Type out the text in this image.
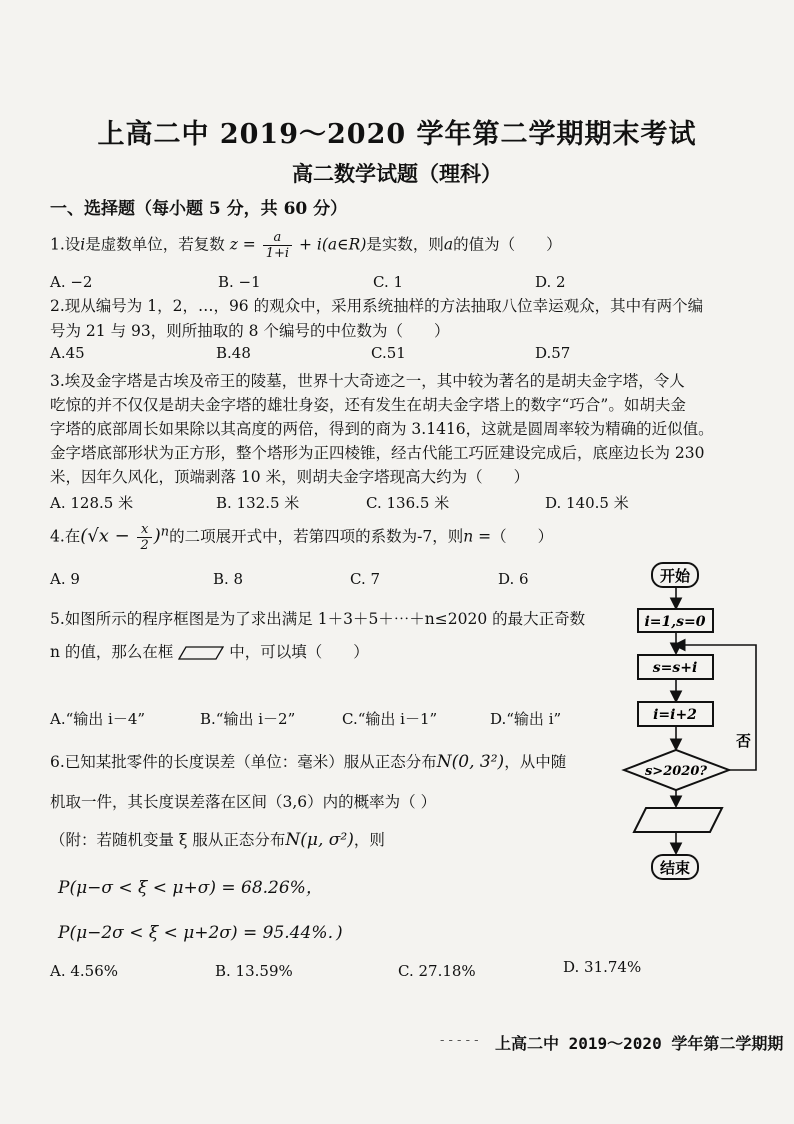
上高二中 2019～2020 学年第二学期期末考试
高二数学试题（理科）
一、选择题（每小题 5 分，共 60 分）
1.设i是虚数单位，若复数 $z = \frac{a}{1+i}$ + i(a∈R)是实数，则a的值为（　　）
A. −2	B. −1	C. 1	D. 2
2.现从编号为 1，2，…，96 的观众中，采用系统抽样的方法抽取八位幸运观众，其中有两个编
号为 21 与 93，则所抽取的 8 个编号的中位数为（　　）
A.45	B.48	C.51	D.57
3.埃及金字塔是古埃及帝王的陵墓，世界十大奇迹之一，其中较为著名的是胡夫金字塔，令人
吃惊的并不仅仅是胡夫金字塔的雄壮身姿，还有发生在胡夫金字塔上的数字“巧合”。如胡夫金
字塔的底部周长如果除以其高度的两倍，得到的商为 3.1416，这就是圆周率较为精确的近似值。
金字塔底部形状为正方形，整个塔形为正四棱锥，经古代能工巧匠建设完成后，底座边长为 230
米，因年久风化，顶端剥落 10 米，则胡夫金字塔现高大约为（　　）
A. 128.5 米	B. 132.5 米	C. 136.5 米	D. 140.5 米
4.在$(√x - \frac{x}{2} )^n$的二项展开式中，若第四项的系数为-7，则n =（　　）
A. 9	B. 8	C. 7	D. 6
5.如图所示的程序框图是为了求出满足 1＋3＋5＋⋯＋n≤2020 的最大正奇数
n 的值，那么在框	中，可以填（　　）
A.“输出 i－4”	B.“输出 i－2”	C.“输出 i－1”	D.“输出 i”
6.已知某批零件的长度误差（单位：毫米）服从正态分布N(0, 3²)，从中随
机取一件，其长度误差落在区间（3,6）内的概率为（ ）
（附：若随机变量 ξ 服从正态分布N(μ, σ²)，则
P(μ−σ < ξ < μ+σ) = 68.26%，
P(μ−2σ < ξ < μ+2σ) = 95.44%．)
A. 4.56%	B. 13.59%	C. 27.18%	D. 31.74%
开始
i=1,s=0
s=s+i
i=i+2
s>2020?
否
结束
- - - - - 上高二中 2019～2020 学年第二学期期
